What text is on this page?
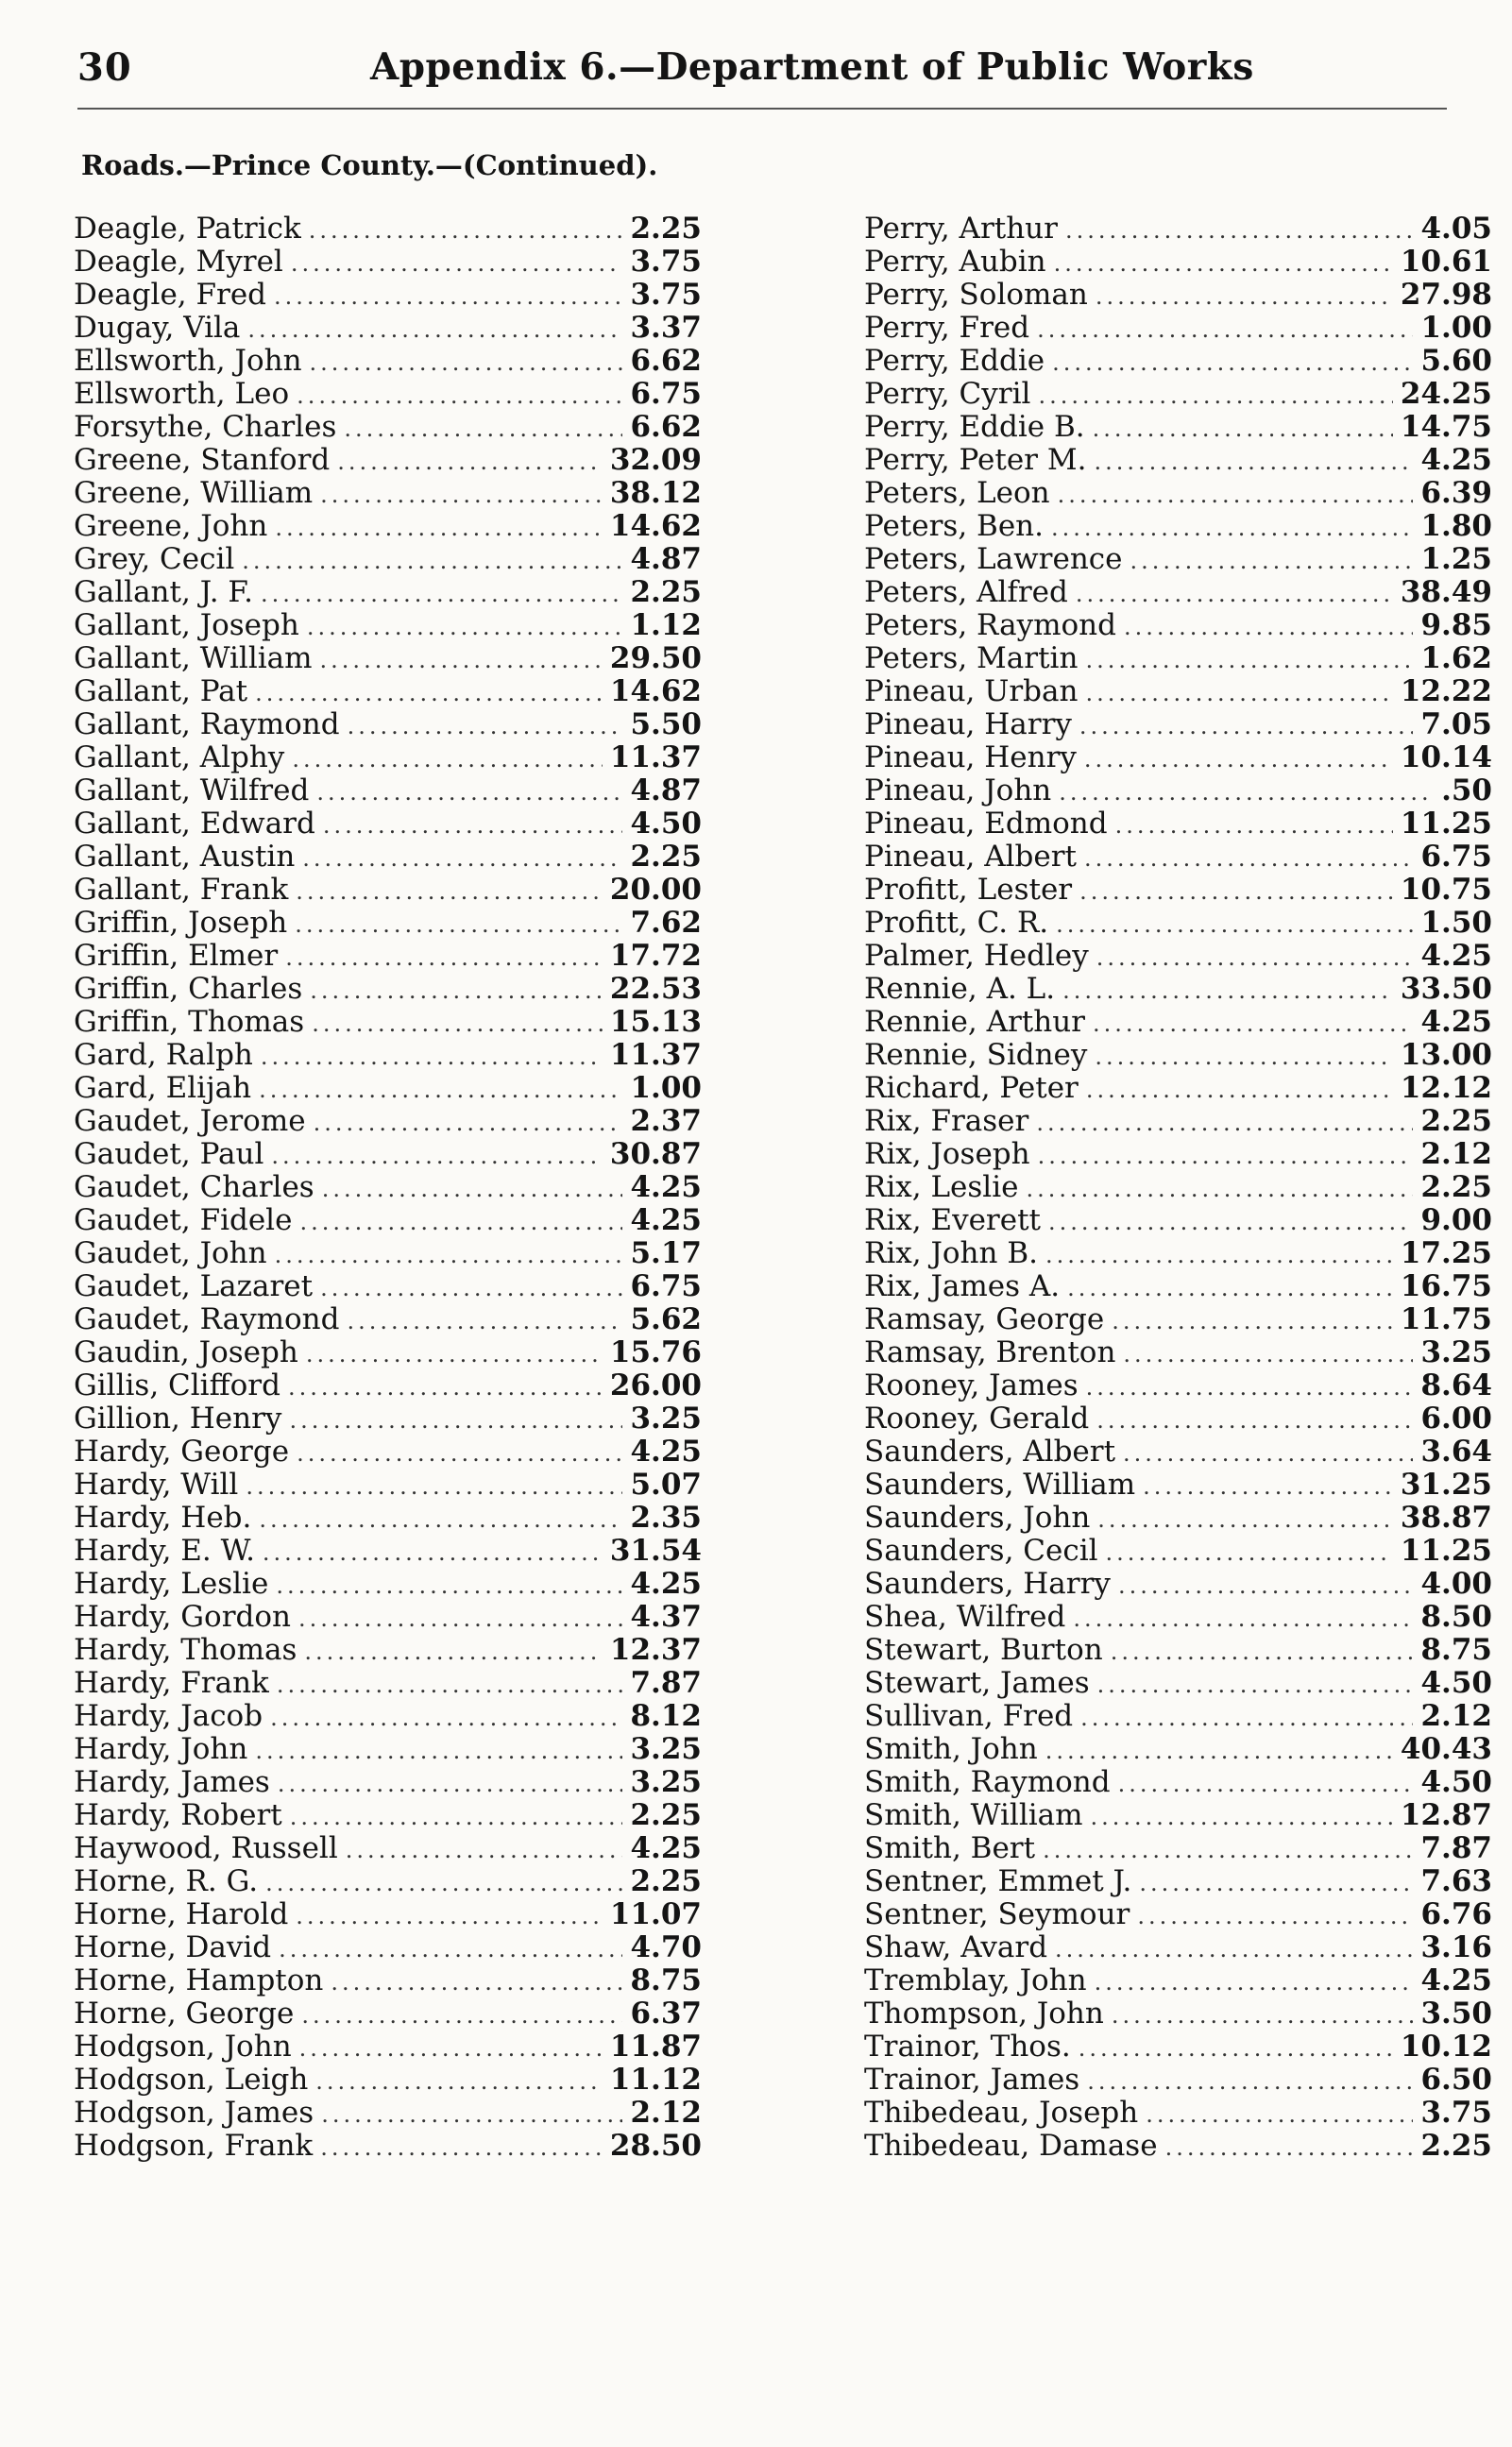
30	Appendix 6.—Department of Public Works
Roads.—Prince County.—(Continued).
Deagle, Patrick .....	2.25
Deagle, Myrel .....	3.75
Deagle, Fred .....	3.75
Dugay, Vila .....	3.37
Ellsworth, John .....	6.62
Ellsworth, Leo .....	6.75
Forsythe, Charles .....	6.62
Greene, Stanford .....	32.09
Greene, William .....	38.12
Greene, John .....	14.62
Grey, Cecil .....	4.87
Gallant, J. F. .....	2.25
Gallant, Joseph .....	1.12
Gallant, William .....	29.50
Gallant, Pat .....	14.62
Gallant, Raymond .....	5.50
Gallant, Alphy .....	11.37
Gallant, Wilfred .....	4.87
Gallant, Edward .....	4.50
Gallant, Austin .....	2.25
Gallant, Frank .....	20.00
Griffin, Joseph .....	7.62
Griffin, Elmer .....	17.72
Griffin, Charles .....	22.53
Griffin, Thomas .....	15.13
Gard, Ralph .....	11.37
Gard, Elijah .....	1.00
Gaudet, Jerome .....	2.37
Gaudet, Paul .....	30.87
Gaudet, Charles .....	4.25
Gaudet, Fidele .....	4.25
Gaudet, John .....	5.17
Gaudet, Lazaret .....	6.75
Gaudet, Raymond .....	5.62
Gaudin, Joseph .....	15.76
Gillis, Clifford .....	26.00
Gillion, Henry .....	3.25
Hardy, George .....	4.25
Hardy, Will .....	5.07
Hardy, Heb. .....	2.35
Hardy, E. W. .....	31.54
Hardy, Leslie .....	4.25
Hardy, Gordon .....	4.37
Hardy, Thomas .....	12.37
Hardy, Frank .....	7.87
Hardy, Jacob .....	8.12
Hardy, John .....	3.25
Hardy, James .....	3.25
Hardy, Robert .....	2.25
Haywood, Russell .....	4.25
Horne, R. G. .....	2.25
Horne, Harold .....	11.07
Horne, David .....	4.70
Horne, Hampton .....	8.75
Horne, George .....	6.37
Hodgson, John .....	11.87
Hodgson, Leigh .....	11.12
Hodgson, James .....	2.12
Hodgson, Frank .....	28.50
Perry, Arthur .....	4.05
Perry, Aubin .....	10.61
Perry, Soloman .....	27.98
Perry, Fred .....	1.00
Perry, Eddie .....	5.60
Perry, Cyril .....	24.25
Perry, Eddie B. .....	14.75
Perry, Peter M. .....	4.25
Peters, Leon .....	6.39
Peters, Ben. .....	1.80
Peters, Lawrence .....	1.25
Peters, Alfred .....	38.49
Peters, Raymond .....	9.85
Peters, Martin .....	1.62
Pineau, Urban .....	12.22
Pineau, Harry .....	7.05
Pineau, Henry .....	10.14
Pineau, John .....	.50
Pineau, Edmond .....	11.25
Pineau, Albert .....	6.75
Profitt, Lester .....	10.75
Profitt, C. R. .....	1.50
Palmer, Hedley .....	4.25
Rennie, A. L. .....	33.50
Rennie, Arthur .....	4.25
Rennie, Sidney .....	13.00
Richard, Peter .....	12.12
Rix, Fraser .....	2.25
Rix, Joseph .....	2.12
Rix, Leslie .....	2.25
Rix, Everett .....	9.00
Rix, John B. .....	17.25
Rix, James A. .....	16.75
Ramsay, George .....	11.75
Ramsay, Brenton .....	3.25
Rooney, James .....	8.64
Rooney, Gerald .....	6.00
Saunders, Albert .....	3.64
Saunders, William .....	31.25
Saunders, John .....	38.87
Saunders, Cecil .....	11.25
Saunders, Harry .....	4.00
Shea, Wilfred .....	8.50
Stewart, Burton .....	8.75
Stewart, James .....	4.50
Sullivan, Fred .....	2.12
Smith, John .....	40.43
Smith, Raymond .....	4.50
Smith, William .....	12.87
Smith, Bert .....	7.87
Sentner, Emmet J. .....	7.63
Sentner, Seymour .....	6.76
Shaw, Avard .....	3.16
Tremblay, John .....	4.25
Thompson, John .....	3.50
Trainor, Thos. .....	10.12
Trainor, James .....	6.50
Thibedeau, Joseph .....	3.75
Thibedeau, Damase .....	2.25
